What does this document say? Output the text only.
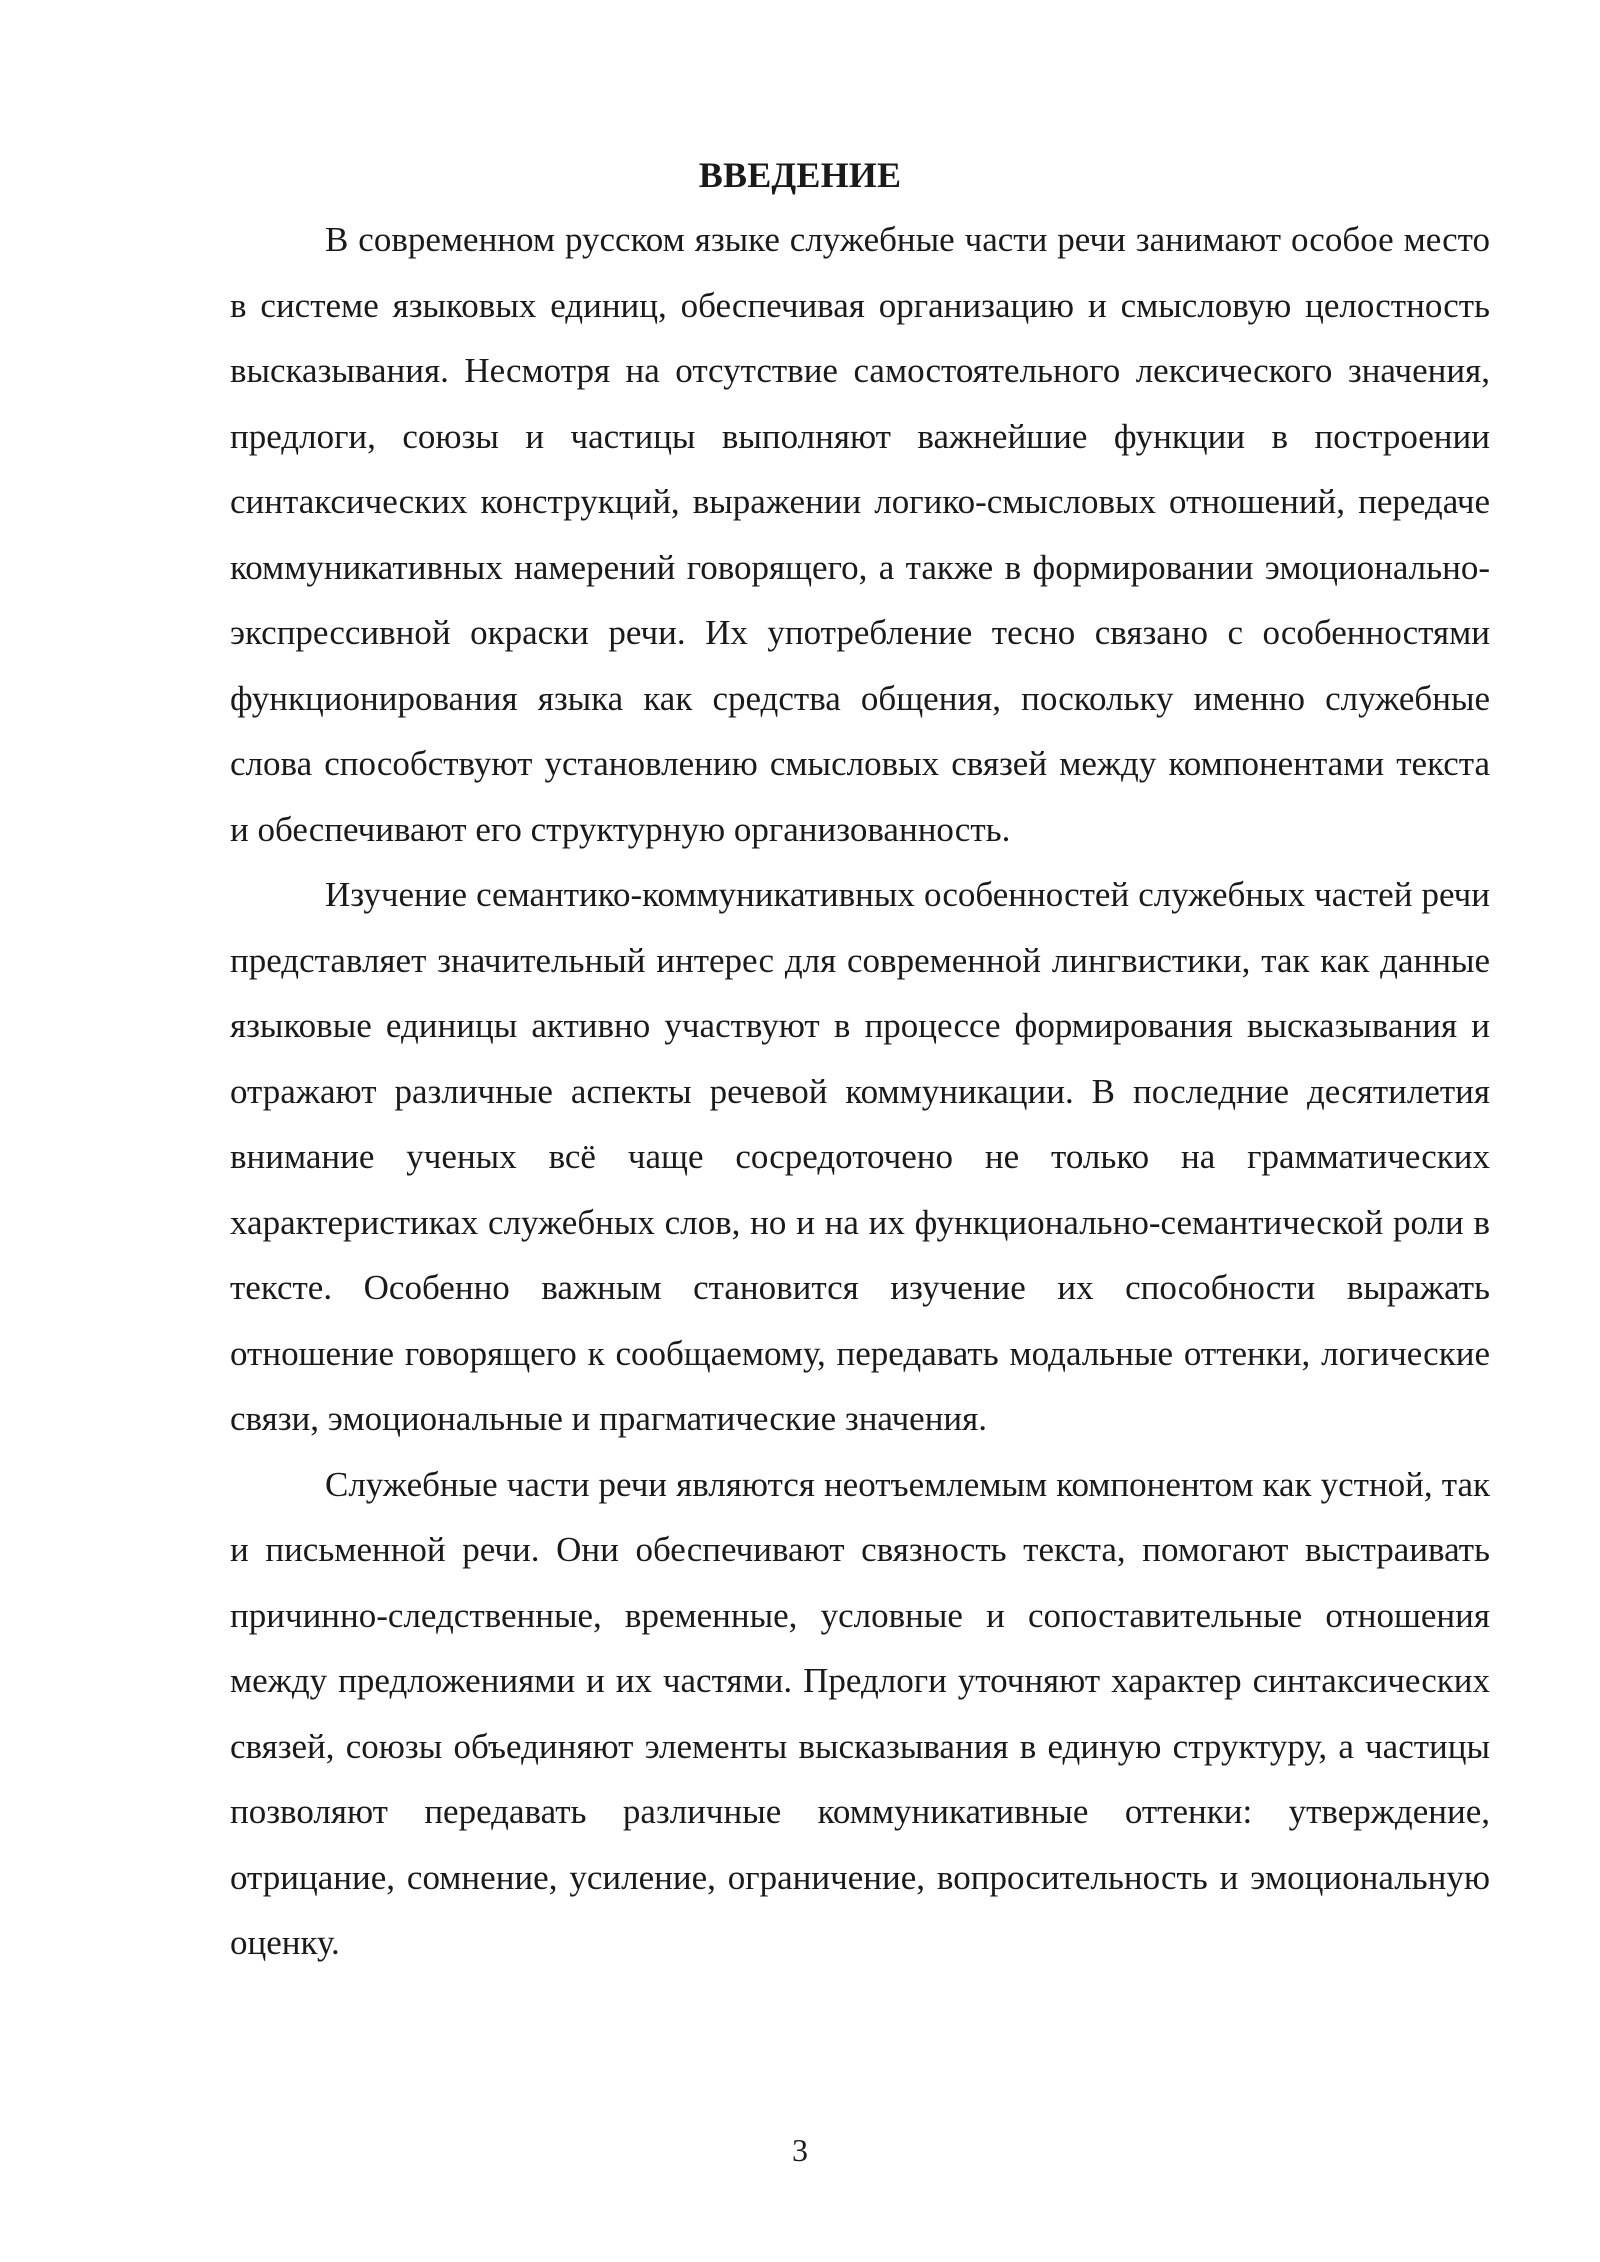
ВВЕДЕНИЕ

В современном русском языке служебные части речи занимают особое место в системе языковых единиц, обеспечивая организацию и смысловую целостность высказывания. Несмотря на отсутствие самостоятельного лексического значения, предлоги, союзы и частицы выполняют важнейшие функции в построении синтаксических конструкций, выражении логико-смысловых отношений, передаче коммуникативных намерений говорящего, а также в формировании эмоционально-экспрессивной окраски речи. Их употребление тесно связано с особенностями функционирования языка как средства общения, поскольку именно служебные слова способствуют установлению смысловых связей между компонентами текста и обеспечивают его структурную организованность.

Изучение семантико-коммуникативных особенностей служебных частей речи представляет значительный интерес для современной лингвистики, так как данные языковые единицы активно участвуют в процессе формирования высказывания и отражают различные аспекты речевой коммуникации. В последние десятилетия внимание ученых всё чаще сосредоточено не только на грамматических характеристиках служебных слов, но и на их функционально-семантической роли в тексте. Особенно важным становится изучение их способности выражать отношение говорящего к сообщаемому, передавать модальные оттенки, логические связи, эмоциональные и прагматические значения.

Служебные части речи являются неотъемлемым компонентом как устной, так и письменной речи. Они обеспечивают связность текста, помогают выстраивать причинно-следственные, временные, условные и сопоставительные отношения между предложениями и их частями. Предлоги уточняют характер синтаксических связей, союзы объединяют элементы высказывания в единую структуру, а частицы позволяют передавать различные коммуникативные оттенки: утверждение, отрицание, сомнение, усиление, ограничение, вопросительность и эмоциональную оценку.

3
